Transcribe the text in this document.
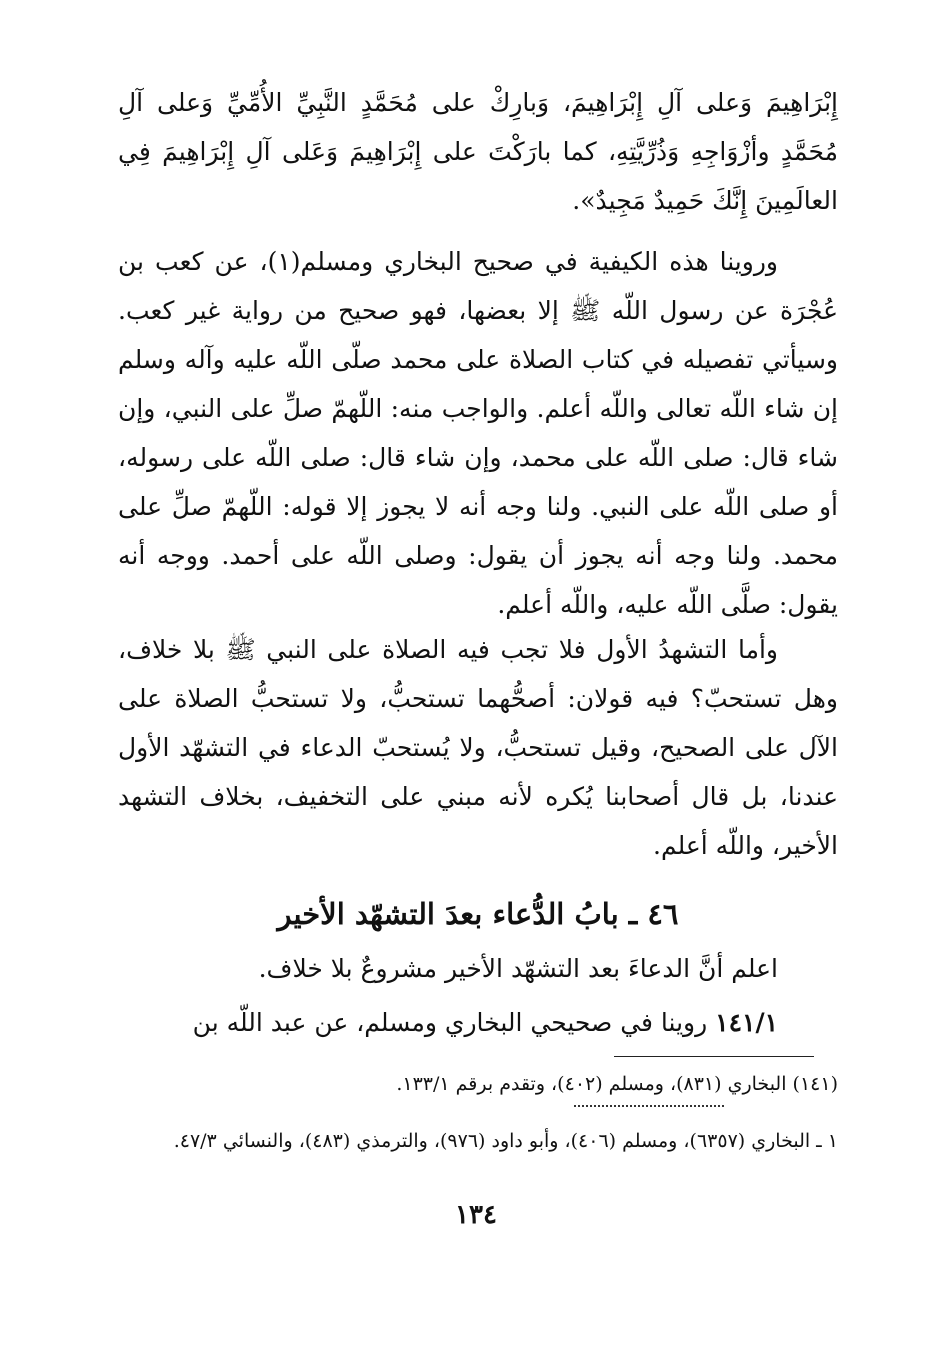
إِبْرَاهِيمَ وَعلى آلِ إِبْرَاهِيمَ، وَبارِكْ على مُحَمَّدٍ النَّبِيِّ الأُمِّيِّ وَعلى آلِ مُحَمَّدٍ وأزْوَاجِهِ وَذُرِّيَّتِهِ، كما بارَكْتَ على إِبْرَاهِيمَ وَعَلى آلِ إِبْرَاهِيمَ فِي العالَمِينَ إِنَّكَ حَمِيدٌ مَجِيدٌ».

وروينا هذه الكيفية في صحيح البخاري ومسلم(١)، عن كعب بن عُجْرَة عن رسول اللّه ﷺ إلا بعضها، فهو صحيح من رواية غير كعب. وسيأتي تفصيله في كتاب الصلاة على محمد صلّى اللّه عليه وآله وسلم إن شاء اللّه تعالى واللّه أعلم. والواجب منه: اللّهمّ صلِّ على النبي، وإن شاء قال: صلى اللّه على محمد، وإن شاء قال: صلى اللّه على رسوله، أو صلى اللّه على النبي. ولنا وجه أنه لا يجوز إلا قوله: اللّهمّ صلِّ على محمد. ولنا وجه أنه يجوز أن يقول: وصلى اللّه على أحمد. ووجه أنه يقول: صلَّى اللّه عليه، واللّه أعلم.

وأما التشهدُ الأول فلا تجب فيه الصلاة على النبي ﷺ بلا خلاف، وهل تستحبّ؟ فيه قولان: أصحُّهما تستحبُّ، ولا تستحبُّ الصلاة على الآل على الصحيح، وقيل تستحبُّ، ولا يُستحبّ الدعاء في التشهّد الأول عندنا، بل قال أصحابنا يُكره لأنه مبني على التخفيف، بخلاف التشهد الأخير، واللّه أعلم.

٤٦ ـ بابُ الدُّعاء بعدَ التشهّد الأخير

اعلم أنَّ الدعاءَ بعد التشهّد الأخير مشروعٌ بلا خلاف.

١٤١/١ روينا في صحيحي البخاري ومسلم، عن عبد اللّه بن

(١٤١) البخاري (٨٣١)، ومسلم (٤٠٢)، وتقدم برقم ١٣٣/١.
١ ـ البخاري (٦٣٥٧)، ومسلم (٤٠٦)، وأبو داود (٩٧٦)، والترمذي (٤٨٣)، والنسائي ٤٧/٣.
١٣٤
